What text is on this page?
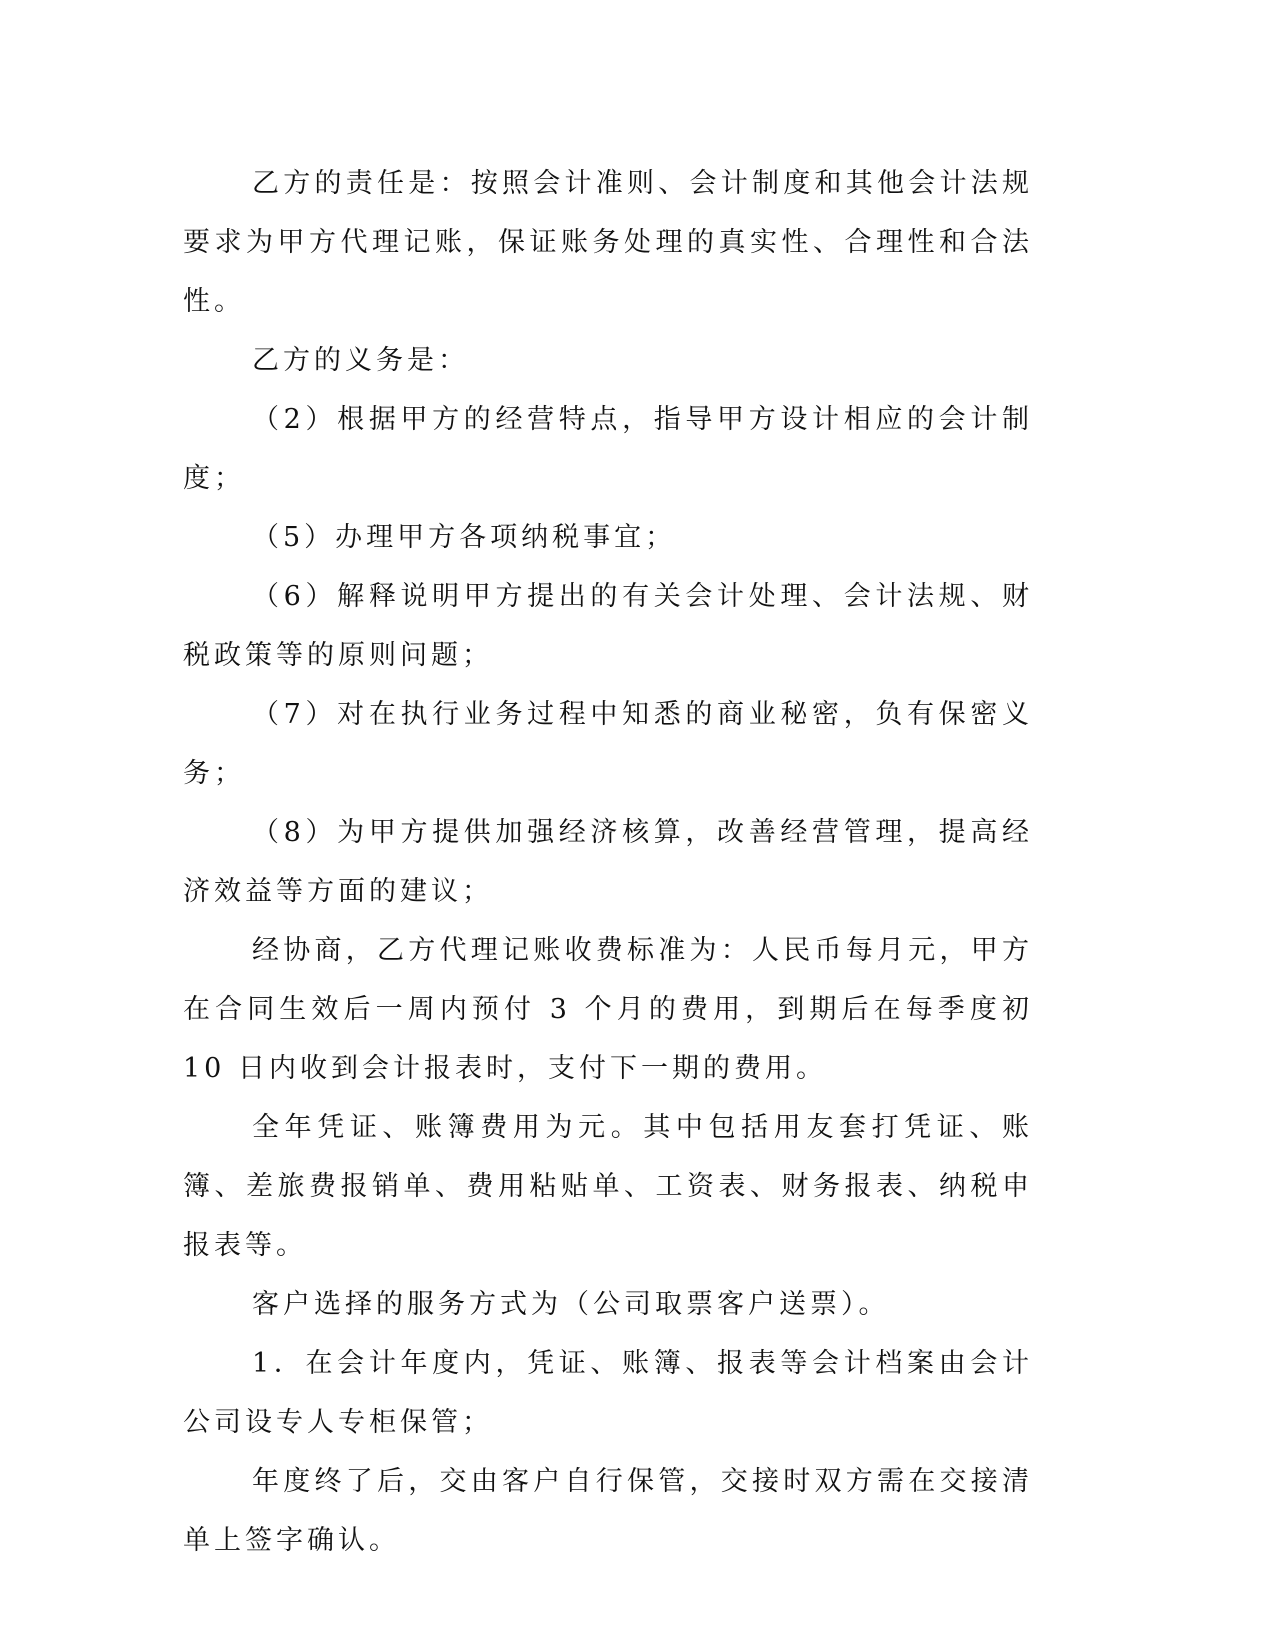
乙方的责任是：按照会计准则、会计制度和其他会计法规要求为甲方代理记账，保证账务处理的真实性、合理性和合法性。

乙方的义务是：

（2）根据甲方的经营特点，指导甲方设计相应的会计制度；

（5）办理甲方各项纳税事宜；

（6）解释说明甲方提出的有关会计处理、会计法规、财税政策等的原则问题；

（7）对在执行业务过程中知悉的商业秘密，负有保密义务；

（8）为甲方提供加强经济核算，改善经营管理，提高经济效益等方面的建议；

经协商，乙方代理记账收费标准为：人民币每月元，甲方在合同生效后一周内预付 3 个月的费用，到期后在每季度初 10 日内收到会计报表时，支付下一期的费用。

全年凭证、账簿费用为元。其中包括用友套打凭证、账簿、差旅费报销单、费用粘贴单、工资表、财务报表、纳税申报表等。

客户选择的服务方式为（公司取票客户送票）。

1．在会计年度内，凭证、账簿、报表等会计档案由会计公司设专人专柜保管；

年度终了后，交由客户自行保管，交接时双方需在交接清单上签字确认。
